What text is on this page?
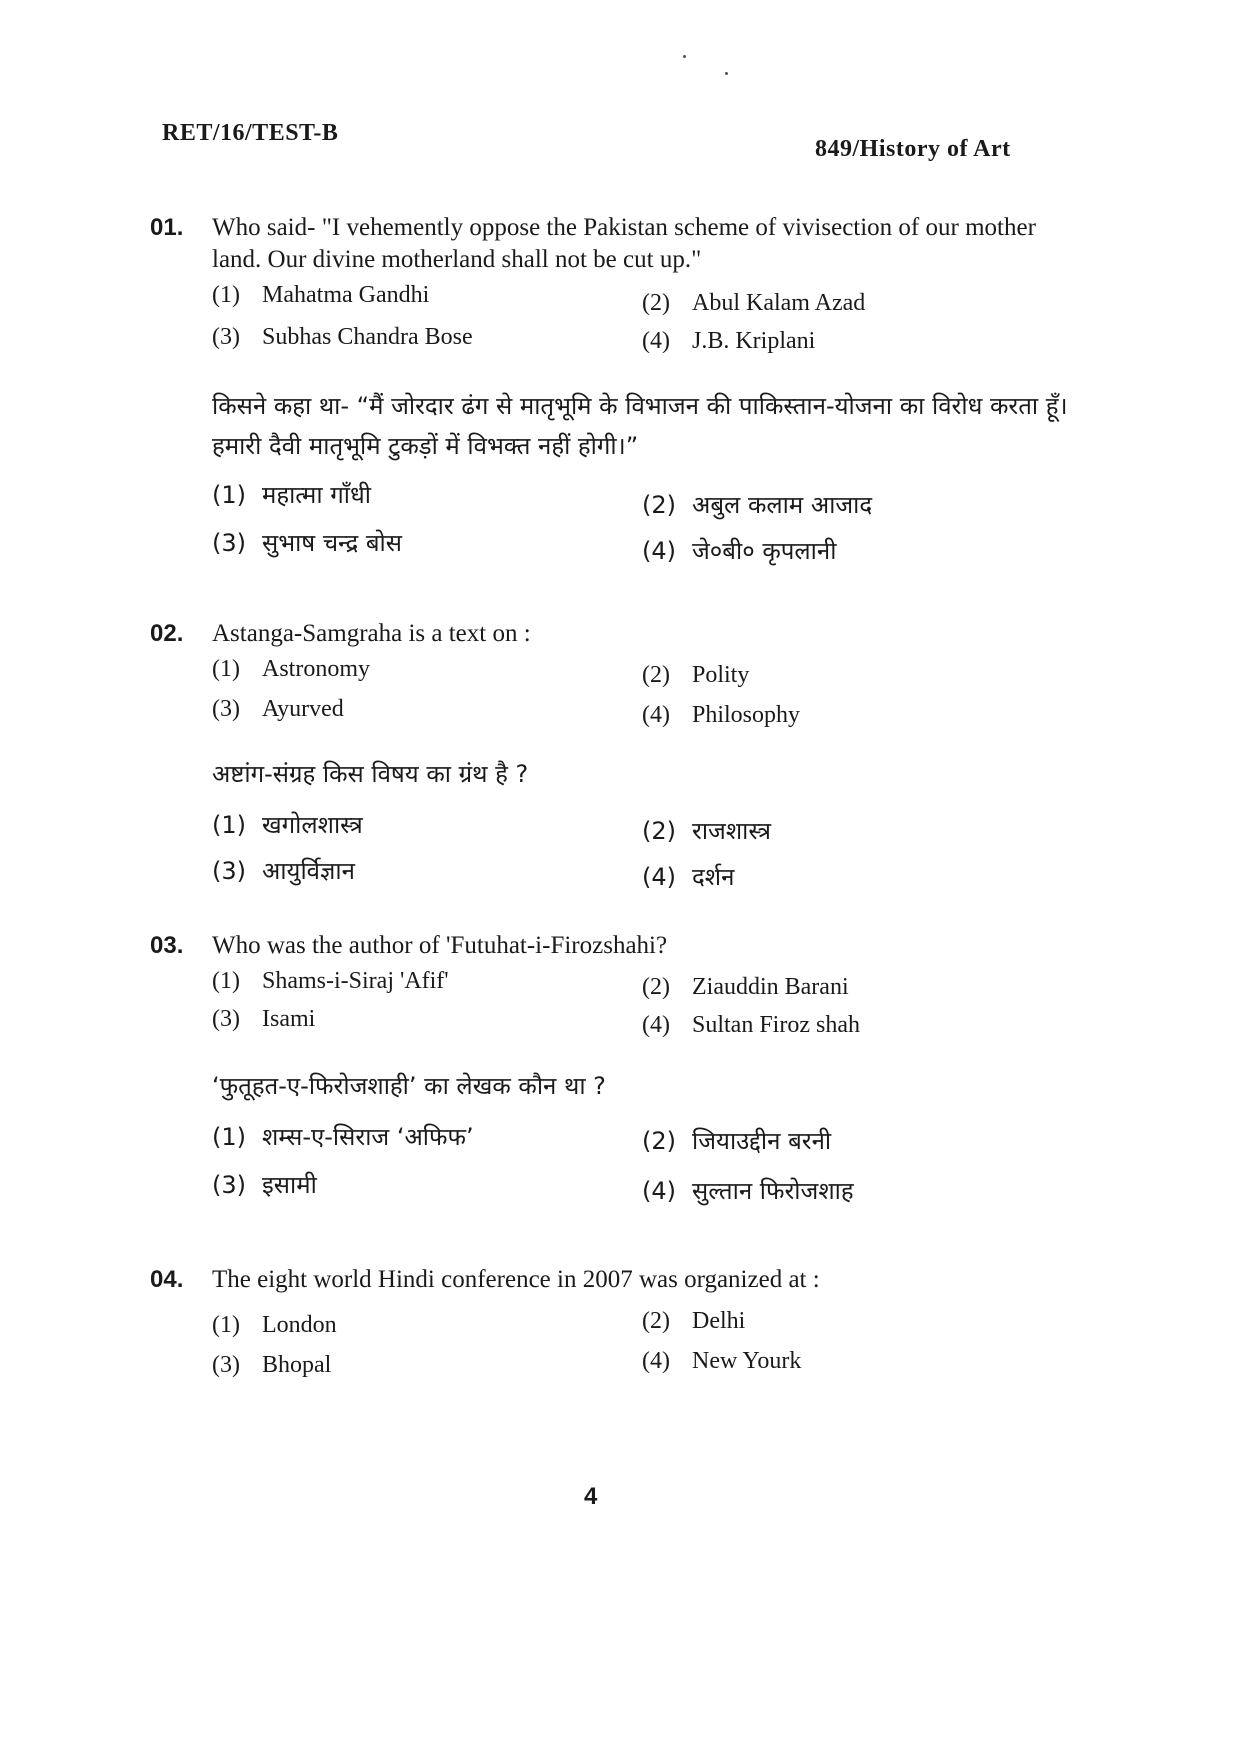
RET/16/TEST-B
849/History of Art
01. Who said- "I vehemently oppose the Pakistan scheme of vivisection of our mother land. Our divine motherland shall not be cut up."
(1) Mahatma Gandhi	(2) Abul Kalam Azad
(3) Subhas Chandra Bose	(4) J.B. Kriplani
किसने कहा था- “मैं जोरदार ढंग से मातृभूमि के विभाजन की पाकिस्तान-योजना का विरोध करता हूँ। हमारी दैवी मातृभूमि टुकड़ों में विभक्त नहीं होगी।”
(1) महात्मा गाँधी	(2) अबुल कलाम आजाद
(3) सुभाष चन्द्र बोस	(4) जे०बी० कृपलानी
02. Astanga-Samgraha is a text on :
(1) Astronomy	(2) Polity
(3) Ayurved	(4) Philosophy
अष्टांग-संग्रह किस विषय का ग्रंथ है ?
(1) खगोलशास्त्र	(2) राजशास्त्र
(3) आयुर्विज्ञान	(4) दर्शन
03. Who was the author of 'Futuhat-i-Firozshahi?
(1) Shams-i-Siraj 'Afif'	(2) Ziauddin Barani
(3) Isami	(4) Sultan Firoz shah
‘फुतूहत-ए-फिरोजशाही’ का लेखक कौन था ?
(1) शम्स-ए-सिराज ‘अफिफ’	(2) जियाउद्दीन बरनी
(3) इसामी	(4) सुल्तान फिरोजशाह
04. The eight world Hindi conference in 2007 was organized at :
(1) London	(2) Delhi
(3) Bhopal	(4) New Yourk
4
